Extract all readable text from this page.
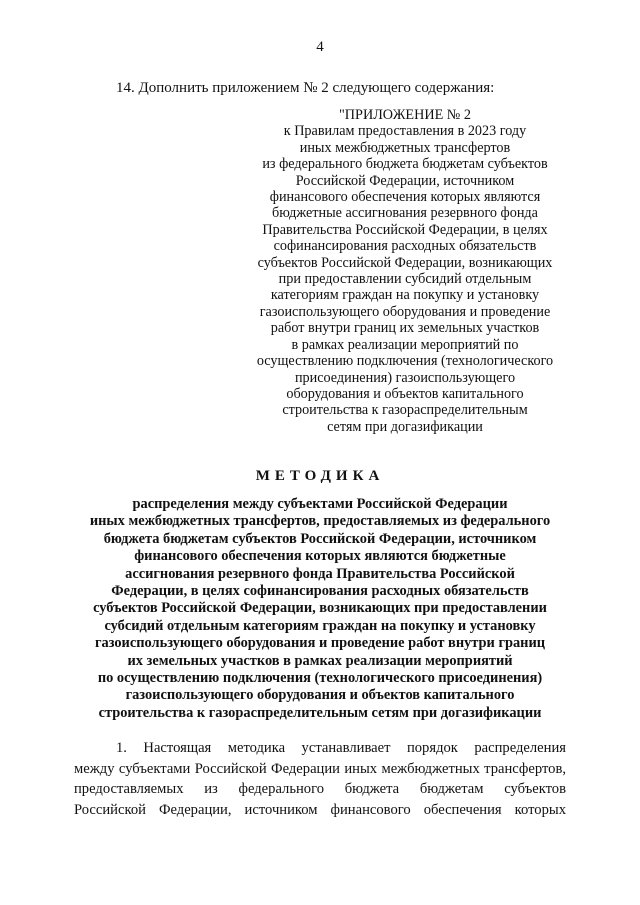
4
14. Дополнить приложением № 2 следующего содержания:
"ПРИЛОЖЕНИЕ № 2
к Правилам предоставления в 2023 году
иных межбюджетных трансфертов
из федерального бюджета бюджетам субъектов
Российской Федерации, источником
финансового обеспечения которых являются
бюджетные ассигнования резервного фонда
Правительства Российской Федерации, в целях
софинансирования расходных обязательств
субъектов Российской Федерации, возникающих
при предоставлении субсидий отдельным
категориям граждан на покупку и установку
газоиспользующего оборудования и проведение
работ внутри границ их земельных участков
в рамках реализации мероприятий по
осуществлению подключения (технологического
присоединения) газоиспользующего
оборудования и объектов капитального
строительства к газораспределительным
сетям при догазификации
МЕТОДИКА
распределения между субъектами Российской Федерации
иных межбюджетных трансфертов, предоставляемых из федерального
бюджета бюджетам субъектов Российской Федерации, источником
финансового обеспечения которых являются бюджетные
ассигнования резервного фонда Правительства Российской
Федерации, в целях софинансирования расходных обязательств
субъектов Российской Федерации, возникающих при предоставлении
субсидий отдельным категориям граждан на покупку и установку
газоиспользующего оборудования и проведение работ внутри границ
их земельных участков в рамках реализации мероприятий
по осуществлению подключения (технологического присоединения)
газоиспользующего оборудования и объектов капитального
строительства к газораспределительным сетям при догазификации
1. Настоящая методика устанавливает порядок распределения
между субъектами Российской Федерации иных межбюджетных трансфертов,
предоставляемых из федерального бюджета бюджетам субъектов
Российской Федерации, источником финансового обеспечения которых
